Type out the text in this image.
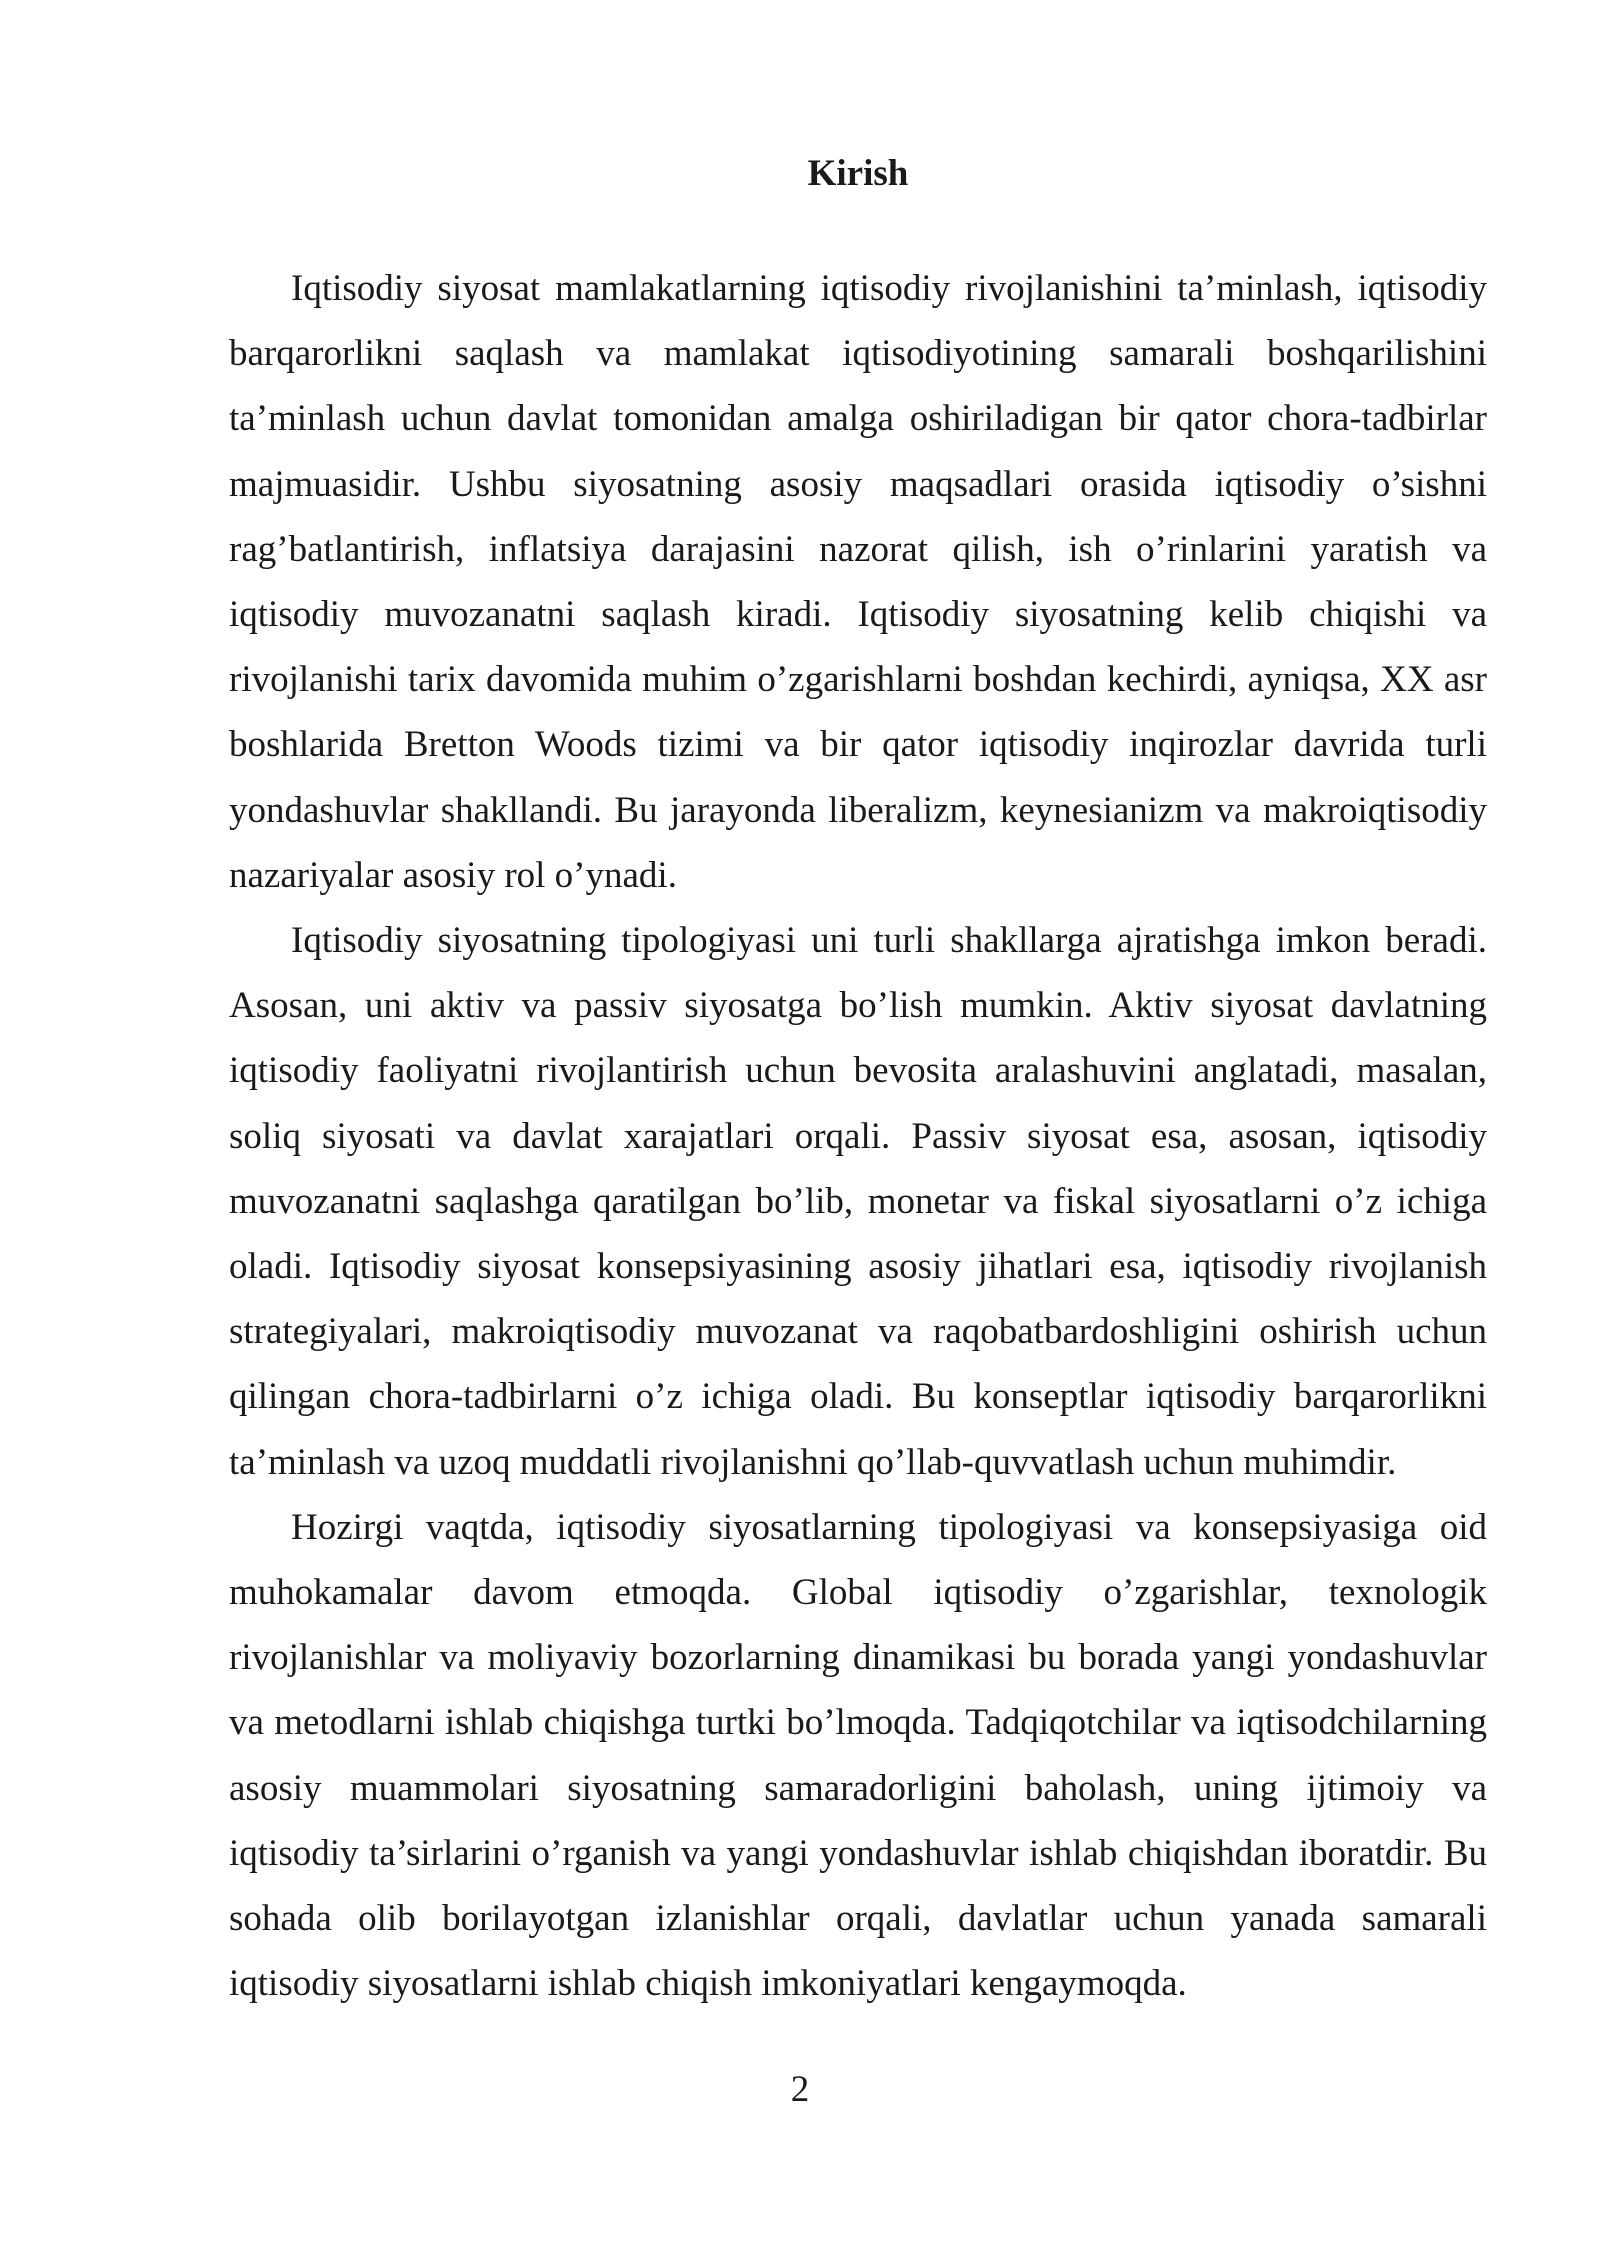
Kirish

Iqtisodiy siyosat mamlakatlarning iqtisodiy rivojlanishini ta’minlash, iqtisodiy barqarorlikni saqlash va mamlakat iqtisodiyotining samarali boshqarilishini ta’minlash uchun davlat tomonidan amalga oshiriladigan bir qator chora-tadbirlar majmuasidir. Ushbu siyosatning asosiy maqsadlari orasida iqtisodiy o’sishni rag’batlantirish, inflatsiya darajasini nazorat qilish, ish o’rinlarini yaratish va iqtisodiy muvozanatni saqlash kiradi. Iqtisodiy siyosatning kelib chiqishi va rivojlanishi tarix davomida muhim o’zgarishlarni boshdan kechirdi, ayniqsa, XX asr boshlarida Bretton Woods tizimi va bir qator iqtisodiy inqirozlar davrida turli yondashuvlar shakllandi. Bu jarayonda liberalizm, keynesianizm va makroiqtisodiy nazariyalar asosiy rol o’ynadi.

Iqtisodiy siyosatning tipologiyasi uni turli shakllarga ajratishga imkon beradi. Asosan, uni aktiv va passiv siyosatga bo’lish mumkin. Aktiv siyosat davlatning iqtisodiy faoliyatni rivojlantirish uchun bevosita aralashuvini anglatadi, masalan, soliq siyosati va davlat xarajatlari orqali. Passiv siyosat esa, asosan, iqtisodiy muvozanatni saqlashga qaratilgan bo’lib, monetar va fiskal siyosatlarni o’z ichiga oladi. Iqtisodiy siyosat konsepsiyasining asosiy jihatlari esa, iqtisodiy rivojlanish strategiyalari, makroiqtisodiy muvozanat va raqobatbardoshligini oshirish uchun qilingan chora-tadbirlarni o’z ichiga oladi. Bu konseptlar iqtisodiy barqarorlikni ta’minlash va uzoq muddatli rivojlanishni qo’llab-quvvatlash uchun muhimdir.

Hozirgi vaqtda, iqtisodiy siyosatlarning tipologiyasi va konsepsiyasiga oid muhokamalar davom etmoqda. Global iqtisodiy o’zgarishlar, texnologik rivojlanishlar va moliyaviy bozorlarning dinamikasi bu borada yangi yondashuvlar va metodlarni ishlab chiqishga turtki bo’lmoqda. Tadqiqotchilar va iqtisodchilarning asosiy muammolari siyosatning samaradorligini baholash, uning ijtimoiy va iqtisodiy ta’sirlarini o’rganish va yangi yondashuvlar ishlab chiqishdan iboratdir. Bu sohada olib borilayotgan izlanishlar orqali, davlatlar uchun yanada samarali iqtisodiy siyosatlarni ishlab chiqish imkoniyatlari kengaymoqda.

2
